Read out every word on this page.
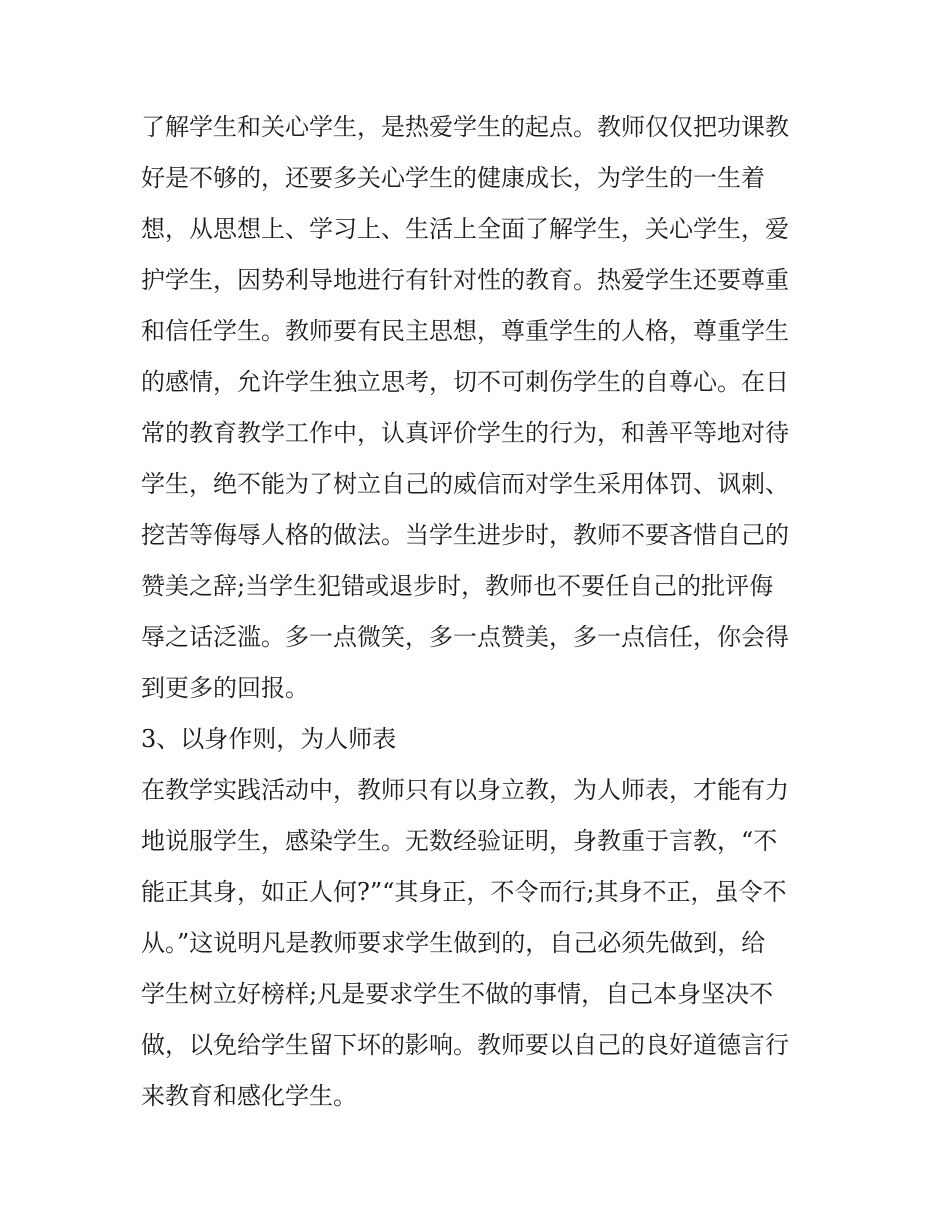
了解学生和关心学生，是热爱学生的起点。教师仅仅把功课教
好是不够的，还要多关心学生的健康成长，为学生的一生着
想，从思想上、学习上、生活上全面了解学生，关心学生，爱
护学生，因势利导地进行有针对性的教育。热爱学生还要尊重
和信任学生。教师要有民主思想，尊重学生的人格，尊重学生
的感情，允许学生独立思考，切不可刺伤学生的自尊心。在日
常的教育教学工作中，认真评价学生的行为，和善平等地对待
学生，绝不能为了树立自己的威信而对学生采用体罚、讽刺、
挖苦等侮辱人格的做法。当学生进步时，教师不要吝惜自己的
赞美之辞;当学生犯错或退步时，教师也不要任自己的批评侮
辱之话泛滥。多一点微笑，多一点赞美，多一点信任，你会得
到更多的回报。
3、以身作则，为人师表
在教学实践活动中，教师只有以身立教，为人师表，才能有力
地说服学生，感染学生。无数经验证明，身教重于言教，“不
能正其身，如正人何?”“其身正，不令而行;其身不正，虽令不
从。”这说明凡是教师要求学生做到的，自己必须先做到，给
学生树立好榜样;凡是要求学生不做的事情，自己本身坚决不
做，以免给学生留下坏的影响。教师要以自己的良好道德言行
来教育和感化学生。
